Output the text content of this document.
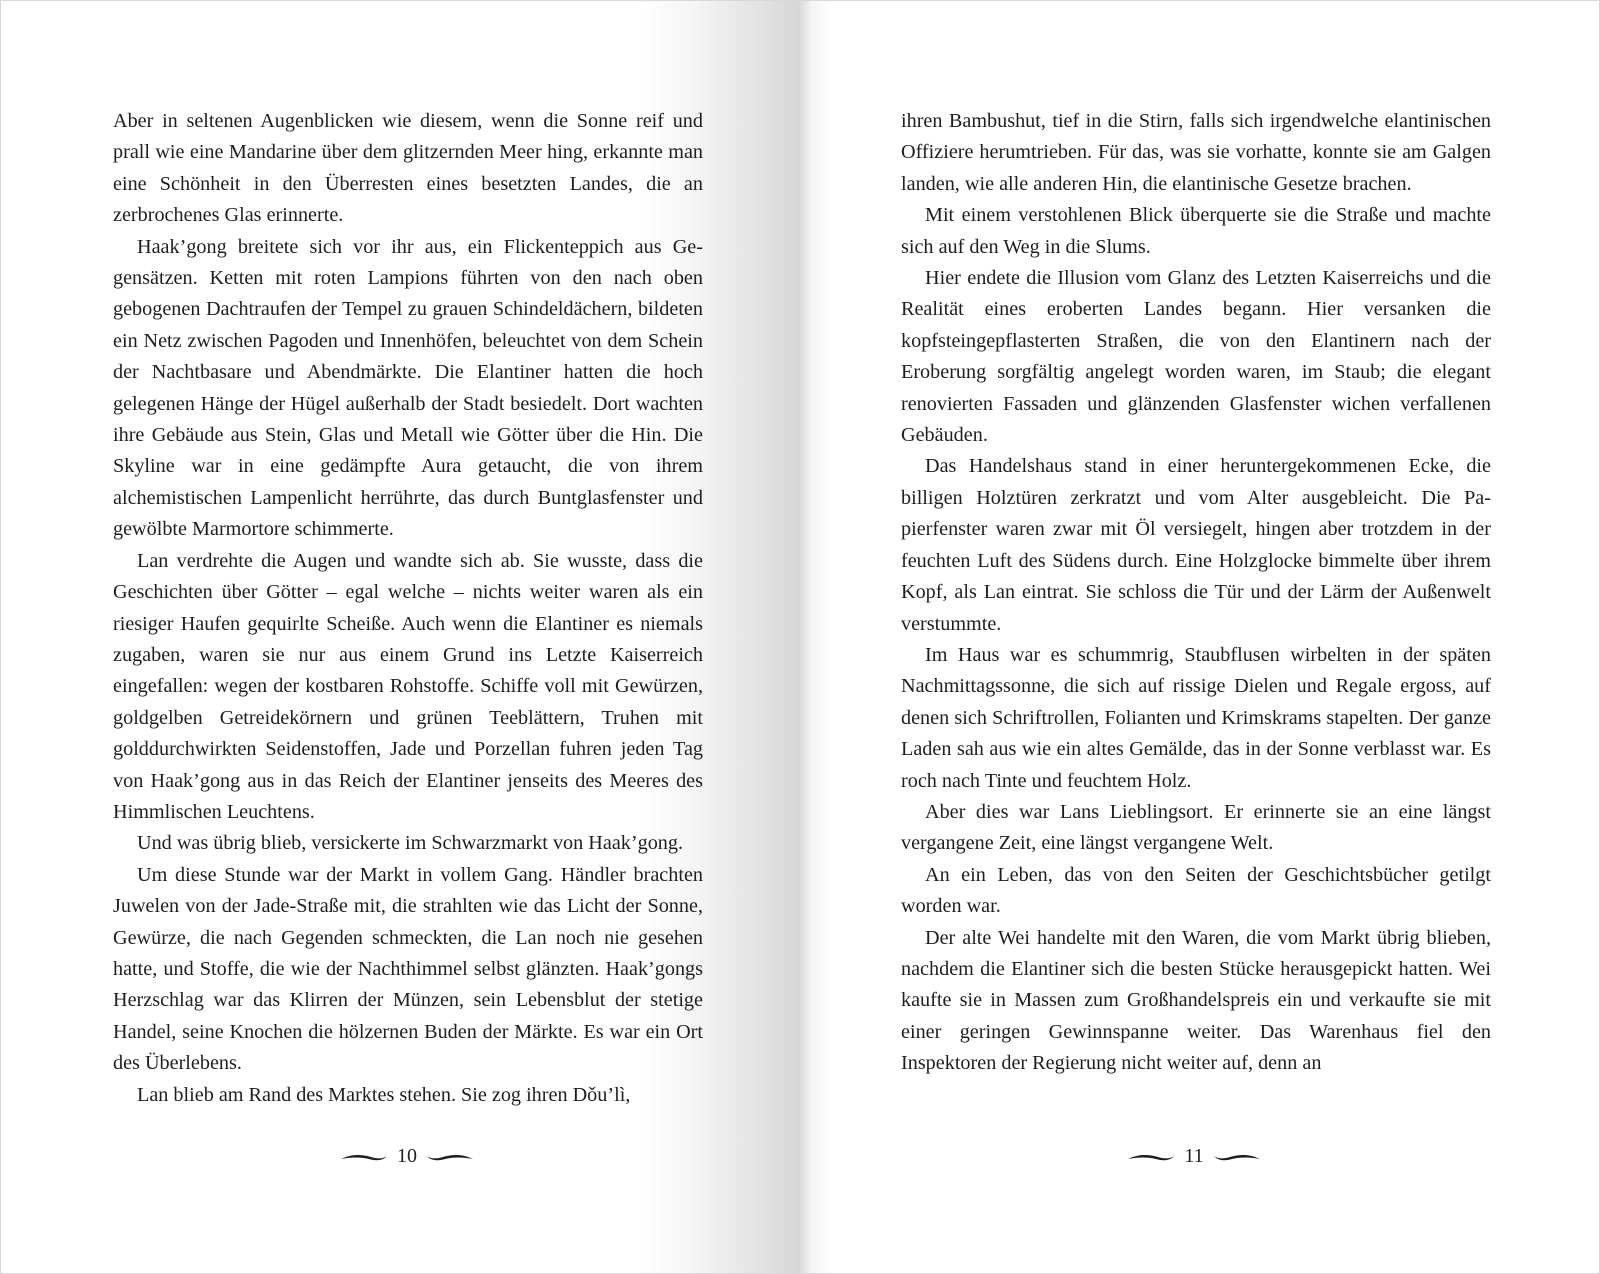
Aber in seltenen Augenblicken wie diesem, wenn die Sonne reif und prall wie eine Mandarine über dem glitzernden Meer hing, erkannte man eine Schönheit in den Überresten eines besetzten Landes, die an zerbrochenes Glas erinnerte.

Haak’gong breitete sich vor ihr aus, ein Flickenteppich aus Gegensätzen. Ketten mit roten Lampions führten von den nach oben gebogenen Dachtraufen der Tempel zu grauen Schindeldächern, bildeten ein Netz zwischen Pagoden und Innenhöfen, beleuchtet von dem Schein der Nachtbasare und Abendmärkte. Die Elantiner hatten die hoch gelegenen Hänge der Hügel außerhalb der Stadt besiedelt. Dort wachten ihre Gebäude aus Stein, Glas und Metall wie Götter über die Hin. Die Skyline war in eine gedämpfte Aura getaucht, die von ihrem alchemistischen Lampenlicht herrührte, das durch Buntglasfenster und gewölbte Marmortore schimmerte.

Lan verdrehte die Augen und wandte sich ab. Sie wusste, dass die Geschichten über Götter – egal welche – nichts weiter waren als ein riesiger Haufen gequirlte Scheiße. Auch wenn die Elantiner es niemals zugaben, waren sie nur aus einem Grund ins Letzte Kaiserreich eingefallen: wegen der kostbaren Rohstoffe. Schiffe voll mit Gewürzen, goldgelben Getreidekörnern und grünen Teeblättern, Truhen mit golddurchwirkten Seidenstoffen, Jade und Porzellan fuhren jeden Tag von Haak’gong aus in das Reich der Elantiner jenseits des Meeres des Himmlischen Leuchtens.

Und was übrig blieb, versickerte im Schwarzmarkt von Haak’gong.

Um diese Stunde war der Markt in vollem Gang. Händler brachten Juwelen von der Jade-Straße mit, die strahlten wie das Licht der Sonne, Gewürze, die nach Gegenden schmeckten, die Lan noch nie gesehen hatte, und Stoffe, die wie der Nachthimmel selbst glänzten. Haak’gongs Herzschlag war das Klirren der Münzen, sein Lebensblut der stetige Handel, seine Knochen die hölzernen Buden der Märkte. Es war ein Ort des Überlebens.

Lan blieb am Rand des Marktes stehen. Sie zog ihren Dǒu’lì,

10

ihren Bambushut, tief in die Stirn, falls sich irgendwelche elantinischen Offiziere herumtrieben. Für das, was sie vorhatte, konnte sie am Galgen landen, wie alle anderen Hin, die elantinische Gesetze brachen.

Mit einem verstohlenen Blick überquerte sie die Straße und machte sich auf den Weg in die Slums.

Hier endete die Illusion vom Glanz des Letzten Kaiserreichs und die Realität eines eroberten Landes begann. Hier versanken die kopfsteingepflasterten Straßen, die von den Elantinern nach der Eroberung sorgfältig angelegt worden waren, im Staub; die elegant renovierten Fassaden und glänzenden Glasfenster wichen verfallenen Gebäuden.

Das Handelshaus stand in einer heruntergekommenen Ecke, die billigen Holztüren zerkratzt und vom Alter ausgebleicht. Die Papierfenster waren zwar mit Öl versiegelt, hingen aber trotzdem in der feuchten Luft des Südens durch. Eine Holzglocke bimmelte über ihrem Kopf, als Lan eintrat. Sie schloss die Tür und der Lärm der Außenwelt verstummte.

Im Haus war es schummrig, Staubflusen wirbelten in der späten Nachmittagssonne, die sich auf rissige Dielen und Regale ergoss, auf denen sich Schriftrollen, Folianten und Krimskrams stapelten. Der ganze Laden sah aus wie ein altes Gemälde, das in der Sonne verblasst war. Es roch nach Tinte und feuchtem Holz.

Aber dies war Lans Lieblingsort. Er erinnerte sie an eine längst vergangene Zeit, eine längst vergangene Welt.

An ein Leben, das von den Seiten der Geschichtsbücher getilgt worden war.

Der alte Wei handelte mit den Waren, die vom Markt übrig blieben, nachdem die Elantiner sich die besten Stücke herausgepickt hatten. Wei kaufte sie in Massen zum Großhandelspreis ein und verkaufte sie mit einer geringen Gewinnspanne weiter. Das Warenhaus fiel den Inspektoren der Regierung nicht weiter auf, denn an

11
